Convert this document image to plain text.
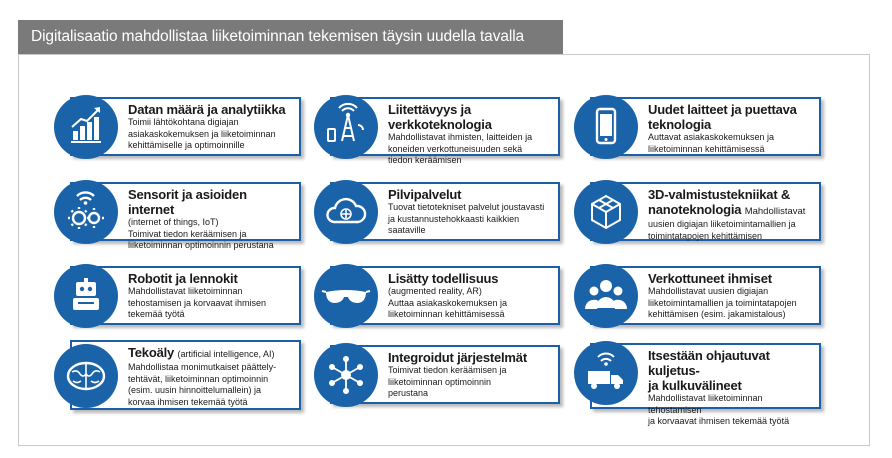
Digitalisaatio mahdollistaa liiketoiminnan tekemisen täysin uudella tavalla
Datan määrä ja analytiikka
Toimii lähtökohtana digiajan
asiakaskokemuksen ja liiketoiminnan
kehittämiselle ja optimoinnille
Liitettävyys ja verkkoteknologia
Mahdollistavat ihmisten, laitteiden ja
koneiden verkottuneisuuden sekä
tiedon keräämisen
Uudet laitteet ja puettava
teknologia
Auttavat asiakaskokemuksen ja
liiketoiminnan kehittämisessä
Sensorit ja asioiden internet
(internet of things, IoT)
Toimivat tiedon keräämisen ja
liiketoiminnan optimoinnin perustana
Pilvipalvelut
Tuovat tietotekniset palvelut joustavasti
ja kustannustehokkaasti kaikkien
saataville
3D-valmistustekniikat &
nanoteknologia Mahdollistavat
uusien digiajan liiketoimintamallien ja
toimintatapojen kehittämisen
Robotit ja lennokit
Mahdollistavat liiketoiminnan
tehostamisen ja korvaavat ihmisen
tekemää työtä
Lisätty todellisuus
(augmented reality, AR)
Auttaa asiakaskokemuksen ja
liiketoiminnan kehittämisessä
Verkottuneet ihmiset
Mahdollistavat uusien digiajan
liiketoimintamallien ja toimintatapojen
kehittämisen (esim. jakamistalous)
Tekoäly (artificial intelligence, AI)
Mahdollistaa monimutkaiset päättely-
tehtävät, liiketoiminnan optimoinnin
(esim. uusin hinnoittelumallein) ja
korvaa ihmisen tekemää työtä
Integroidut järjestelmät
Toimivat tiedon keräämisen ja
liiketoiminnan optimoinnin
perustana
Itsestään ohjautuvat kuljetus-
ja kulkuvälineet
Mahdollistavat liiketoiminnan tehostamisen
ja korvaavat ihmisen tekemää työtä
